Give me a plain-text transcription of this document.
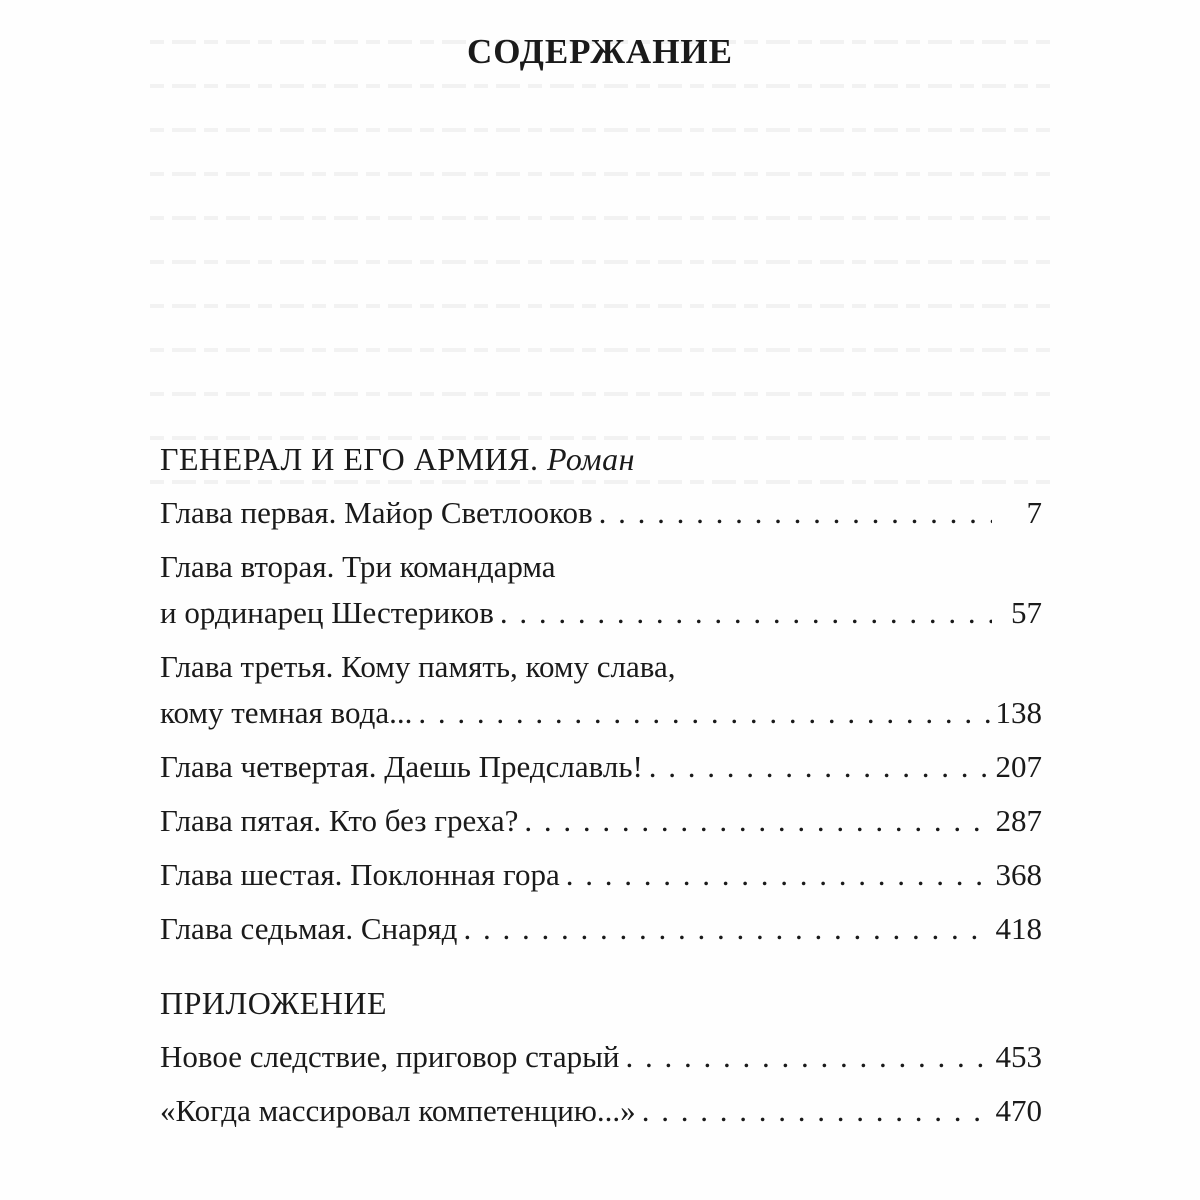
СОДЕРЖАНИЕ
ГЕНЕРАЛ И ЕГО АРМИЯ. Роман
Глава первая. Майор Светлооков . . .	7
Глава вторая. Три командарма
и ординарец Шестериков . . .	57
Глава третья. Кому память, кому слава,
кому темная вода... . . .	138
Глава четвертая. Даешь Предславль! . . .	207
Глава пятая. Кто без греха? . . .	287
Глава шестая. Поклонная гора . . .	368
Глава седьмая. Снаряд . . .	418
ПРИЛОЖЕНИЕ
Новое следствие, приговор старый . . .	453
«Когда массировал компетенцию...» . . .	470
